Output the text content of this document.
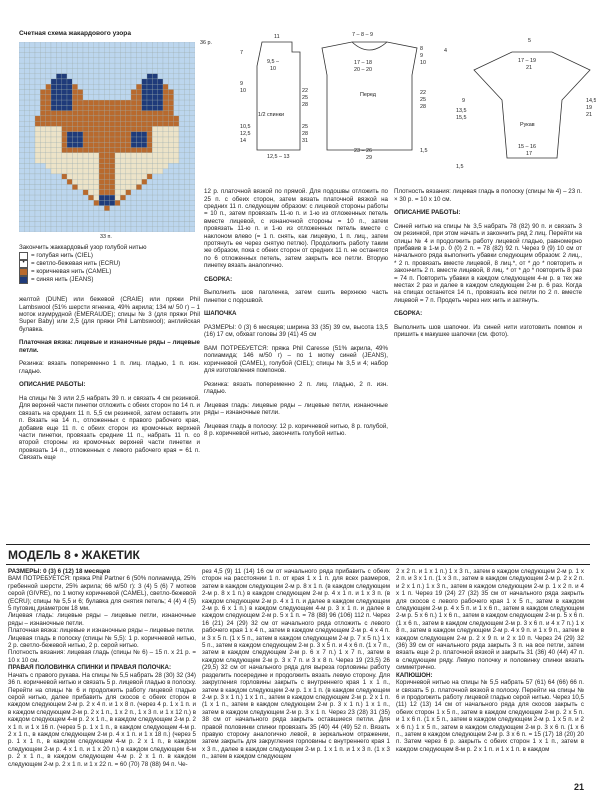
Счетная схема жакардового узора
33 п.
36 р.
Закончить жаккардовый узор голубой нитью
= голубая нить (CIEL)
•	= светло-бежевая нить (ECRU)
= коричневая нить (CAMEL)
= синяя нить (JEANS)
11
9,5 –
10
1/2 спинки
12,5 – 13
7
9
10
10,5
12,5
14
22
25
28
25
28
31
7 – 8 – 9
17 – 18
20 – 20
Перед
23 – 26
29
8
9
10
22
25
28
1,5
4
5
17 – 19
21
Рукав
15 – 16
17
9
13,5
15,5
14,5
19
21
1,5

желтой (DUNE) или бежевой (CRAIE) или пряжи Phil Lambswool (51% шерсти ягненка, 49% акрила; 134 м/ 50 г) – 1 моток изумрудной (EMERAUDE); спицы № 3 (для пряжи Phil Super Baby) или 2,5 (для пряжи Phil Lambswool); английская булавка.

Платочная вязка: лицевые и изнаночные ряды – лицевые петли.

Резинка: вязать попеременно 1 п. лиц. гладью, 1 п. изн. гладью.

ОПИСАНИЕ РАБОТЫ:

На спицы № 3 или 2,5 набрать 39 п. и связать 4 см резинкой. Для верхней части пинетки отложить с обеих сторон по 14 п. и связать на средних 11 п. 5,5 см резинкой, затем оставить эти п. Вязать на 14 п., отложенных с правого рабочего края, добавив еще 11 п. с обеих сторон из кромочных верхней части пинетки, провязать средние 11 п., набрать 11 п. со второй стороны из кромочных верхней части пинетки и провязать 14 п., отложенных с левого рабочего края = 61 п. Связать еще

12 р. платочной вязкой по прямой. Для подошвы отложить по 25 п. с обеих сторон, затем вязать платочной вязкой на средних 11 п. следующим образом: с лицевой стороны работы = 10 п., затем провязать 11-ю п. и 1-ю из отложенных петель вместе лицевой, с изнаночной стороны = 10 п., затем провязать 11-ю п. и 1-ю из отложенных петель вместе с наклоном влево (= 1 п. снять, как лицевую, 1 п. лиц., затем протянуть ее через снятую петлю). Продолжить работу таким же образом, пока с обеих сторон от средних 11 п. не останется по 6 отложенных петель, затем закрыть все петли. Вторую пинетку вязать аналогично.

СБОРКА:

Выполнить шов паголенка, затем сшить верхнюю часть пинетки с подошвой.

ШАПОЧКА

РАЗМЕРЫ: 0 (3) 6 месяцев; ширина 33 (35) 39 см, высота 13,5 (16) 17 см, обхват головы 39 (41) 45 см

ВАМ ПОТРЕБУЕТСЯ: пряжа Phil Caresse (51% акрила, 49% полиамида; 146 м/50 г) – по 1 мотку синей (JEANS), коричневой (CAMEL), голубой (CIEL); спицы № 3,5 и 4; набор для изготовления помпонов.

Резинка: вязать попеременно 2 п. лиц. гладью, 2 п. изн. гладью.

Лицевая гладь: лицевые ряды – лицевые петли, изнаночные ряды – изнаночные петли.

Лицевая гладь в полоску: 12 р. коричневой нитью, 8 р. голубой, 8 р. коричневой нитью, закончить голубой нитью.

Плотность вязания: лицевая гладь в полоску (спицы № 4) – 23 п. × 30 р. = 10 х 10 см.

ОПИСАНИЕ РАБОТЫ:

Синей нитью на спицы № 3,5 набрать 78 (82) 90 п. и связать 3 см резинкой, при этом начать и закончить ряд 2 лиц. Перейти на спицы № 4 и продолжить работу лицевой гладью, равномерно прибавив в 1-м р. 0 (0) 2 п. = 78 (82) 92 п. Через 9 (9) 10 см от начального ряда выполнить убавки следующим образом: 2 лиц., * 2 п. провязать вместе лицевой, 8 лиц.*, от * до * повторить и закончить 2 п. вместе лицевой, 8 лиц. * от * до * повторить 8 раз = 74 п. Повторить убавки в каждом следующем 4-м р. в тех же местах 2 раз и далее в каждом следующем 2-м р. 6 раз. Когда на спицах останется 14 п., провязать все петли по 2 п. вместе лицевой = 7 п. Продеть через них нить и затянуть.

СБОРКА:

Выполнить шов шапочки. Из синей нити изготовить помпон и пришить к макушке шапочки (см. фото).

МОДЕЛЬ 8 • ЖАКЕТИК

РАЗМЕРЫ: 0 (3) 6 (12) 18 месяцев

ВАМ ПОТРЕБУЕТСЯ: пряжа Phil Partner 6 (50% полиамида, 25% гребенной шерсти, 25% акрила; 66 м/50 г): 3 (4) 5 (6) 7 мотков серой (GIVRE), по 1 мотку коричневой (CAMEL), светло-бежевой (ECRU); спицы № 5,5 и 6; булавка для снятия петель; 4 (4) 4 (5) 5 пуговиц диаметром 18 мм.

Лицевая гладь: лицевые ряды – лицевые петли, изнаночные ряды – изнаночные петли.

Платочная вязка: лицевые и изнаночные ряды – лицевые петли.

Лицевая гладь в полоску (спицы № 5,5): 1 р. коричневой нитью, 2 р. светло-бежевой нитью, 2 р. серой нитью.

Плотность вязания: лицевая гладь (спицы № 6) – 15 п. х 21 р. = 10 х 10 см.

ПРАВАЯ ПОЛОВИНКА СПИНКИ И ПРАВАЯ ПОЛОЧКА:

Начать с правого рукава. На спицы № 5,5 набрать 28 (30) 32 (34) 36 п. коричневой нитью и связать 5 р. лицевой гладью в полоску. Перейти на спицы № 6 и продолжить работу лицевой гладью серой нитью, далее прибавить для скосов с обеих сторон в каждом следующем 2-м р. 2 х 4 п. и 1 х 8 п. (через 4 р. 1 х 1 п. и в каждом следующем 2-м р. 2 х 1 п., 1 х 2 п., 1 х 3 п. и 1 х 12 п.) в каждом следующем 4-м р. 2 х 1 п., в каждом следующем 2-м р. 2 х 1 п. и 1 х 16 п. (через 5 р. 1 х 1 п., в каждом следующем 4-м р. 2 х 1 п., в каждом следующем 2-м р. 4 х 1 п. и 1 х 18 п.) (через 5 р. 1 х 1 п., в каждом следующем 4-м р. 2 х 1 п., в каждом следующем 2-м р. 4 х 1 п. и 1 х 20 п.) в каждом следующем 6-м р. 2 х 1 п., в каждом следующем 4-м р. 2 х 1 п. в каждом следующем 2-м р. 2 х 1 п. и 1 х 22 п. = 60 (70) 78 (88) 94 п. Че-

рез 4,5 (9) 11 (14) 16 см от начального ряда прибавить с обеих сторон на расстоянии 1 п. от края 1 х 1 п. для всех размеров, затем в каждом следующем 2-м р. 8 х 1 п. (в каждом следующем 2-м р. 8 х 1 п.) в каждом следующем 2-м р. 4 х 1 п. и 1 х 3 п. (в каждом следующем 2-м р. 4 х 1 п. и далее в каждом следующем 2-м р. 6 х 1 п.) в каждом следующем 4-м р. 3 х 1 п. и далее в каждом следующем 2-м р. 5 х 1 п. = 78 (88) 96 (106) 112 п. Через 16 (21) 24 (29) 32 см от начального ряда отложить с левого рабочего края 1 х 4 п., затем в каждом следующем 2-м р. 4 х 4 п. и 3 х 5 п. (1 х 5 п., затем в каждом следующем 2-м р. 7 х 5 п.) 1 х 5 п., затем в каждом следующем 2-м р. 3 х 5 п. и 4 х 6 п. (1 х 7 п., затем в каждом следующем 2-м р. 6 х 7 п.) 1 х 7 п., затем в каждом следующем 2-м р. 3 х 7 п. и 3 х 8 п. Через 19 (23,5) 26 (29,5) 32 см от начального ряда для выреза горловины работу разделить посередине и продолжить вязать левую сторону. Для закругления горловины закрыть с внутреннего края 1 х 1 п., затем в каждом следующем 2-м р. 1 х 1 п. (в каждом следующем 2-м р. 3 х 1 п.) 1 х 1 п., затем в каждом следующем 2-м р. 2 х 1 п. (1 х 1 п., затем в каждом следующем 2-м р. 3 х 1 п.) 1 х 1 п., затем в каждом следующем 2-м р. 3 х 1 п. Через 23 (28) 31 (35) 38 см от начального ряда закрыть оставшиеся петли. Для правой половинки спинки провязать 35 (40) 44 (49) 52 п. Вязать правую сторону аналогично левой, в зеркальном отражении, затем закрыть для закругления горловины с внутреннего края 1 х 3 п., далее в каждом следующем 2-м р. 1 х 1 п. и 1 х 3 п. (1 х 3 п., затем в каждом следующем

2 х 2 п. и 1 х 1 п.) 1 х 3 п., затем в каждом следующем 2-м р. 1 х 2 п. и 3 х 1 п. (1 х 3 п., затем в каждом следующем 2-м р. 2 х 2 п. и 2 х 1 п.) 1 х 3 п., затем в каждом следующем 2-м р. 1 х 2 п. и 4 х 1 п. Через 19 (24) 27 (32) 35 см от начального ряда закрыть для скосов с левого рабочего края 1 х 5 п., затем в каждом следующем 2-м р. 4 х 5 п. и 1 х 6 п., затем в каждом следующем 2-м р. 5 х 6 п.) 1 х 6 п., затем в каждом следующем 2-м р. 5 х 6 п. (1 х 6 п., затем в каждом следующем 2-м р. 3 х 6 п. и 4 х 7 п.) 1 х 8 п., затем в каждом следующем 2-м р. 4 х 9 п. и 1 х 9 п., затем в каждом следующем 2-м р. 2 х 9 п. и 2 х 10 п. Через 24 (29) 32 (36) 39 см от начального ряда закрыть 3 п. на все петли, затем вязать еще 2 р. платочной вязкой и закрыть 31 (36) 40 (44) 47 п. в следующем ряду. Левую полочку и половинку спинки вязать симметрично.

КАПЮШОН:

Коричневой нитью на спицы № 5,5 набрать 57 (61) 64 (66) 66 п. и связать 5 р. платочной вязкой в полоску. Перейти на спицы № 6 и продолжить работу лицевой гладью серой нитью. Через 10,5 (11) 12 (13) 14 см от начального ряда для скосов закрыть с обеих сторон 1 х 5 п., затем в каждом следующем 2-м р. 2 х 5 п. и 1 х 6 п. (1 х 5 п., затем в каждом следующем 2-м р. 1 х 5 п. и 2 х 6 п.) 1 х 5 п., затем в каждом следующем 2-м р. 3 х 6 п. (1 х 6 п., затем в каждом следующем 2-м р. 3 х 6 п. = 15 (17) 18 (20) 20 п. Затем через 6 р. закрыть с обеих сторон 1 х 1 п., затем в каждом следующем 8-м р. 2 х 1 п. и 1 х 1 п. в каждом

21
